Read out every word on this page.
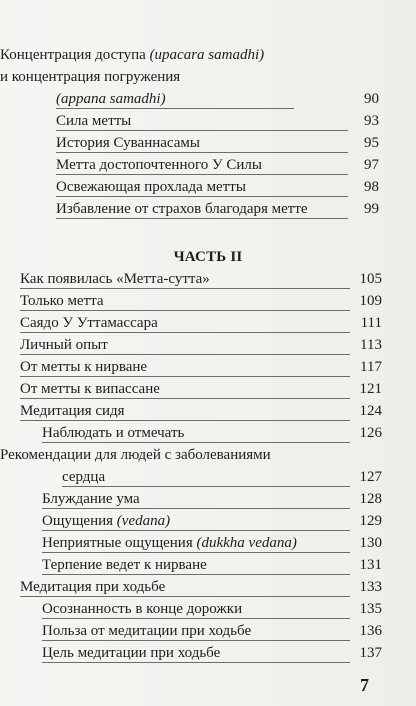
..
Концентрация доступа (upacara samadhi)
и концентрация погружения
(appana samadhi)	90
Сила метты	93
История Суваннасамы	95
Метта достопочтенного У Силы	97
Освежающая прохлада метты	98
Избавление от страхов благодаря метте	99
ЧАСТЬ II
Как появилась «Метта-сутта»	105
Только метта	109
Саядо У Уттамассара	111
Личный опыт	113
От метты к нирване	117
От метты к випассане	121
Медитация сидя	124
Наблюдать и отмечать	126
Рекомендации для людей с заболеваниями
сердца	127
Блуждание ума	128
Ощущения (vedana)	129
Неприятные ощущения (dukkha vedana)	130
Терпение ведет к нирване	131
Медитация при ходьбе	133
Осознанность в конце дорожки	135
Польза от медитации при ходьбе	136
Цель медитации при ходьбе	137
7
